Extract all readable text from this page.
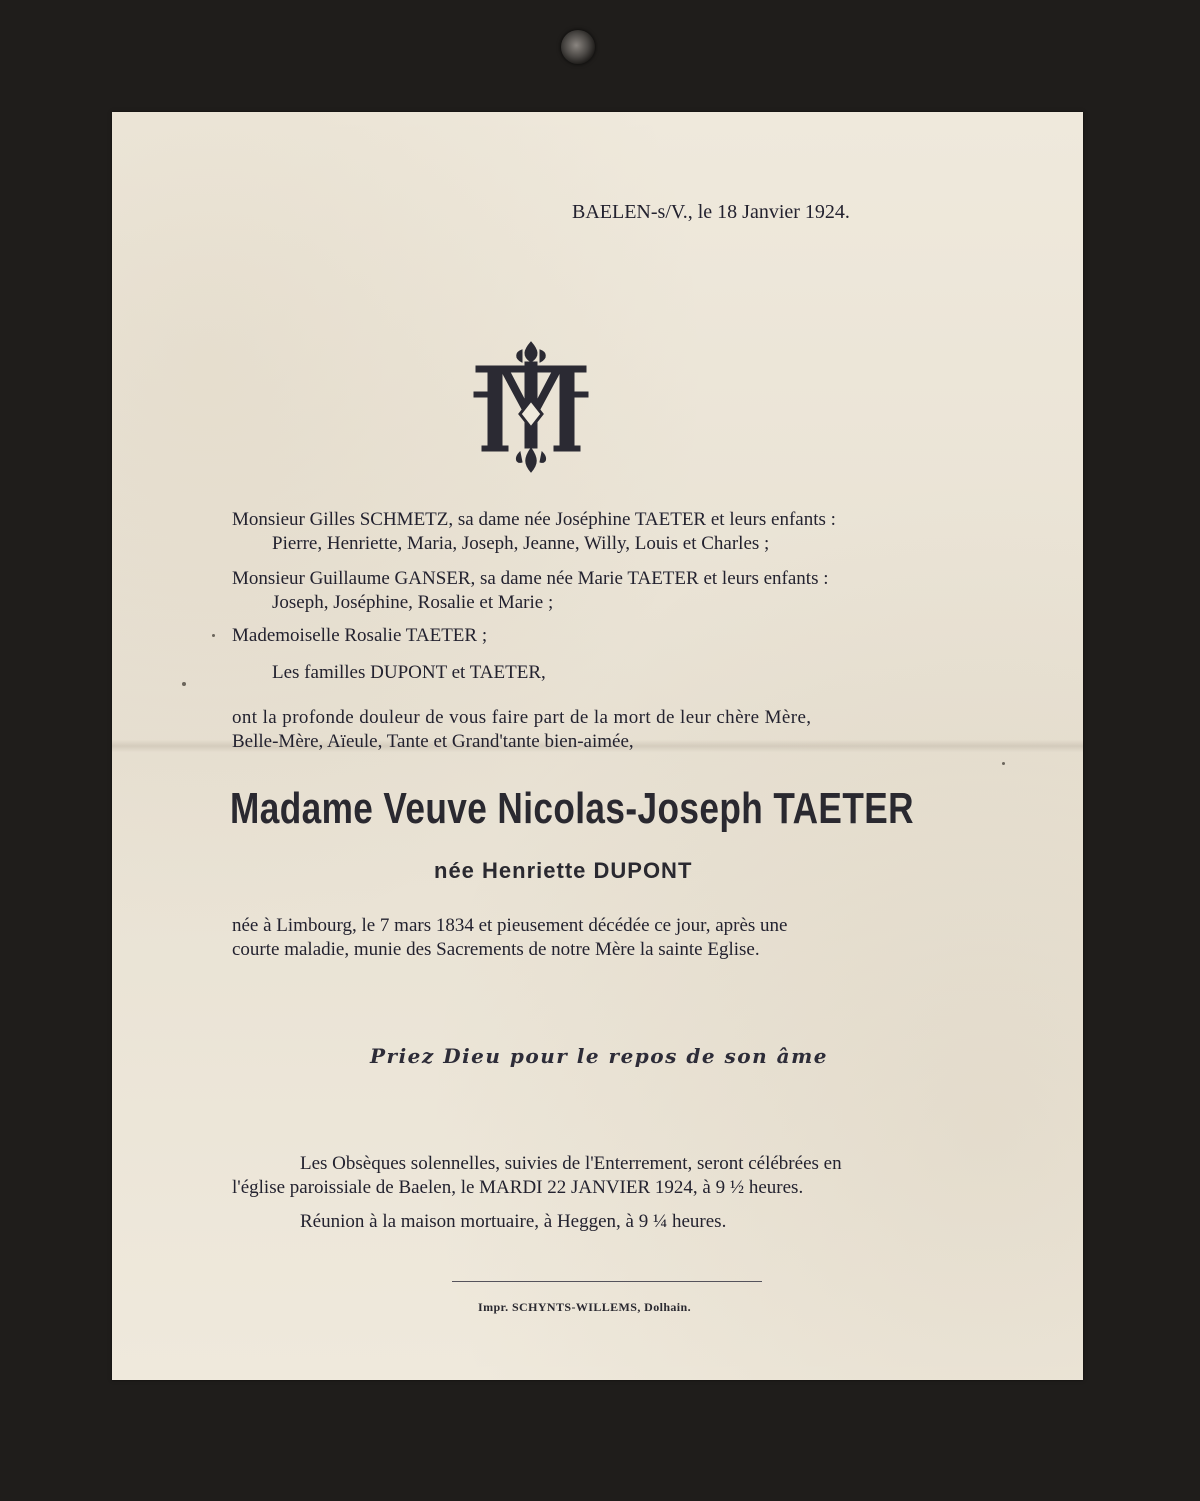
BAELEN-s/V., le 18 Janvier 1924.
Monsieur Gilles SCHMETZ, sa dame née Joséphine TAETER et leurs enfants :
Pierre, Henriette, Maria, Joseph, Jeanne, Willy, Louis et Charles ;
Monsieur Guillaume GANSER, sa dame née Marie TAETER et leurs enfants :
Joseph, Joséphine, Rosalie et Marie ;
Mademoiselle Rosalie TAETER ;
Les familles DUPONT et TAETER,
ont la profonde douleur de vous faire part de la mort de leur chère Mère,
Belle-Mère, Aïeule, Tante et Grand'tante bien-aimée,
Madame Veuve Nicolas-Joseph TAETER
née Henriette DUPONT
née à Limbourg, le 7 mars 1834 et pieusement décédée ce jour, après une
courte maladie, munie des Sacrements de notre Mère la sainte Eglise.
Priez Dieu pour le repos de son âme
Les Obsèques solennelles, suivies de l'Enterrement, seront célébrées en
l'église paroissiale de Baelen, le MARDI 22 JANVIER 1924, à 9 ½ heures.
Réunion à la maison mortuaire, à Heggen, à 9 ¼ heures.
Impr. SCHYNTS-WILLEMS, Dolhain.
